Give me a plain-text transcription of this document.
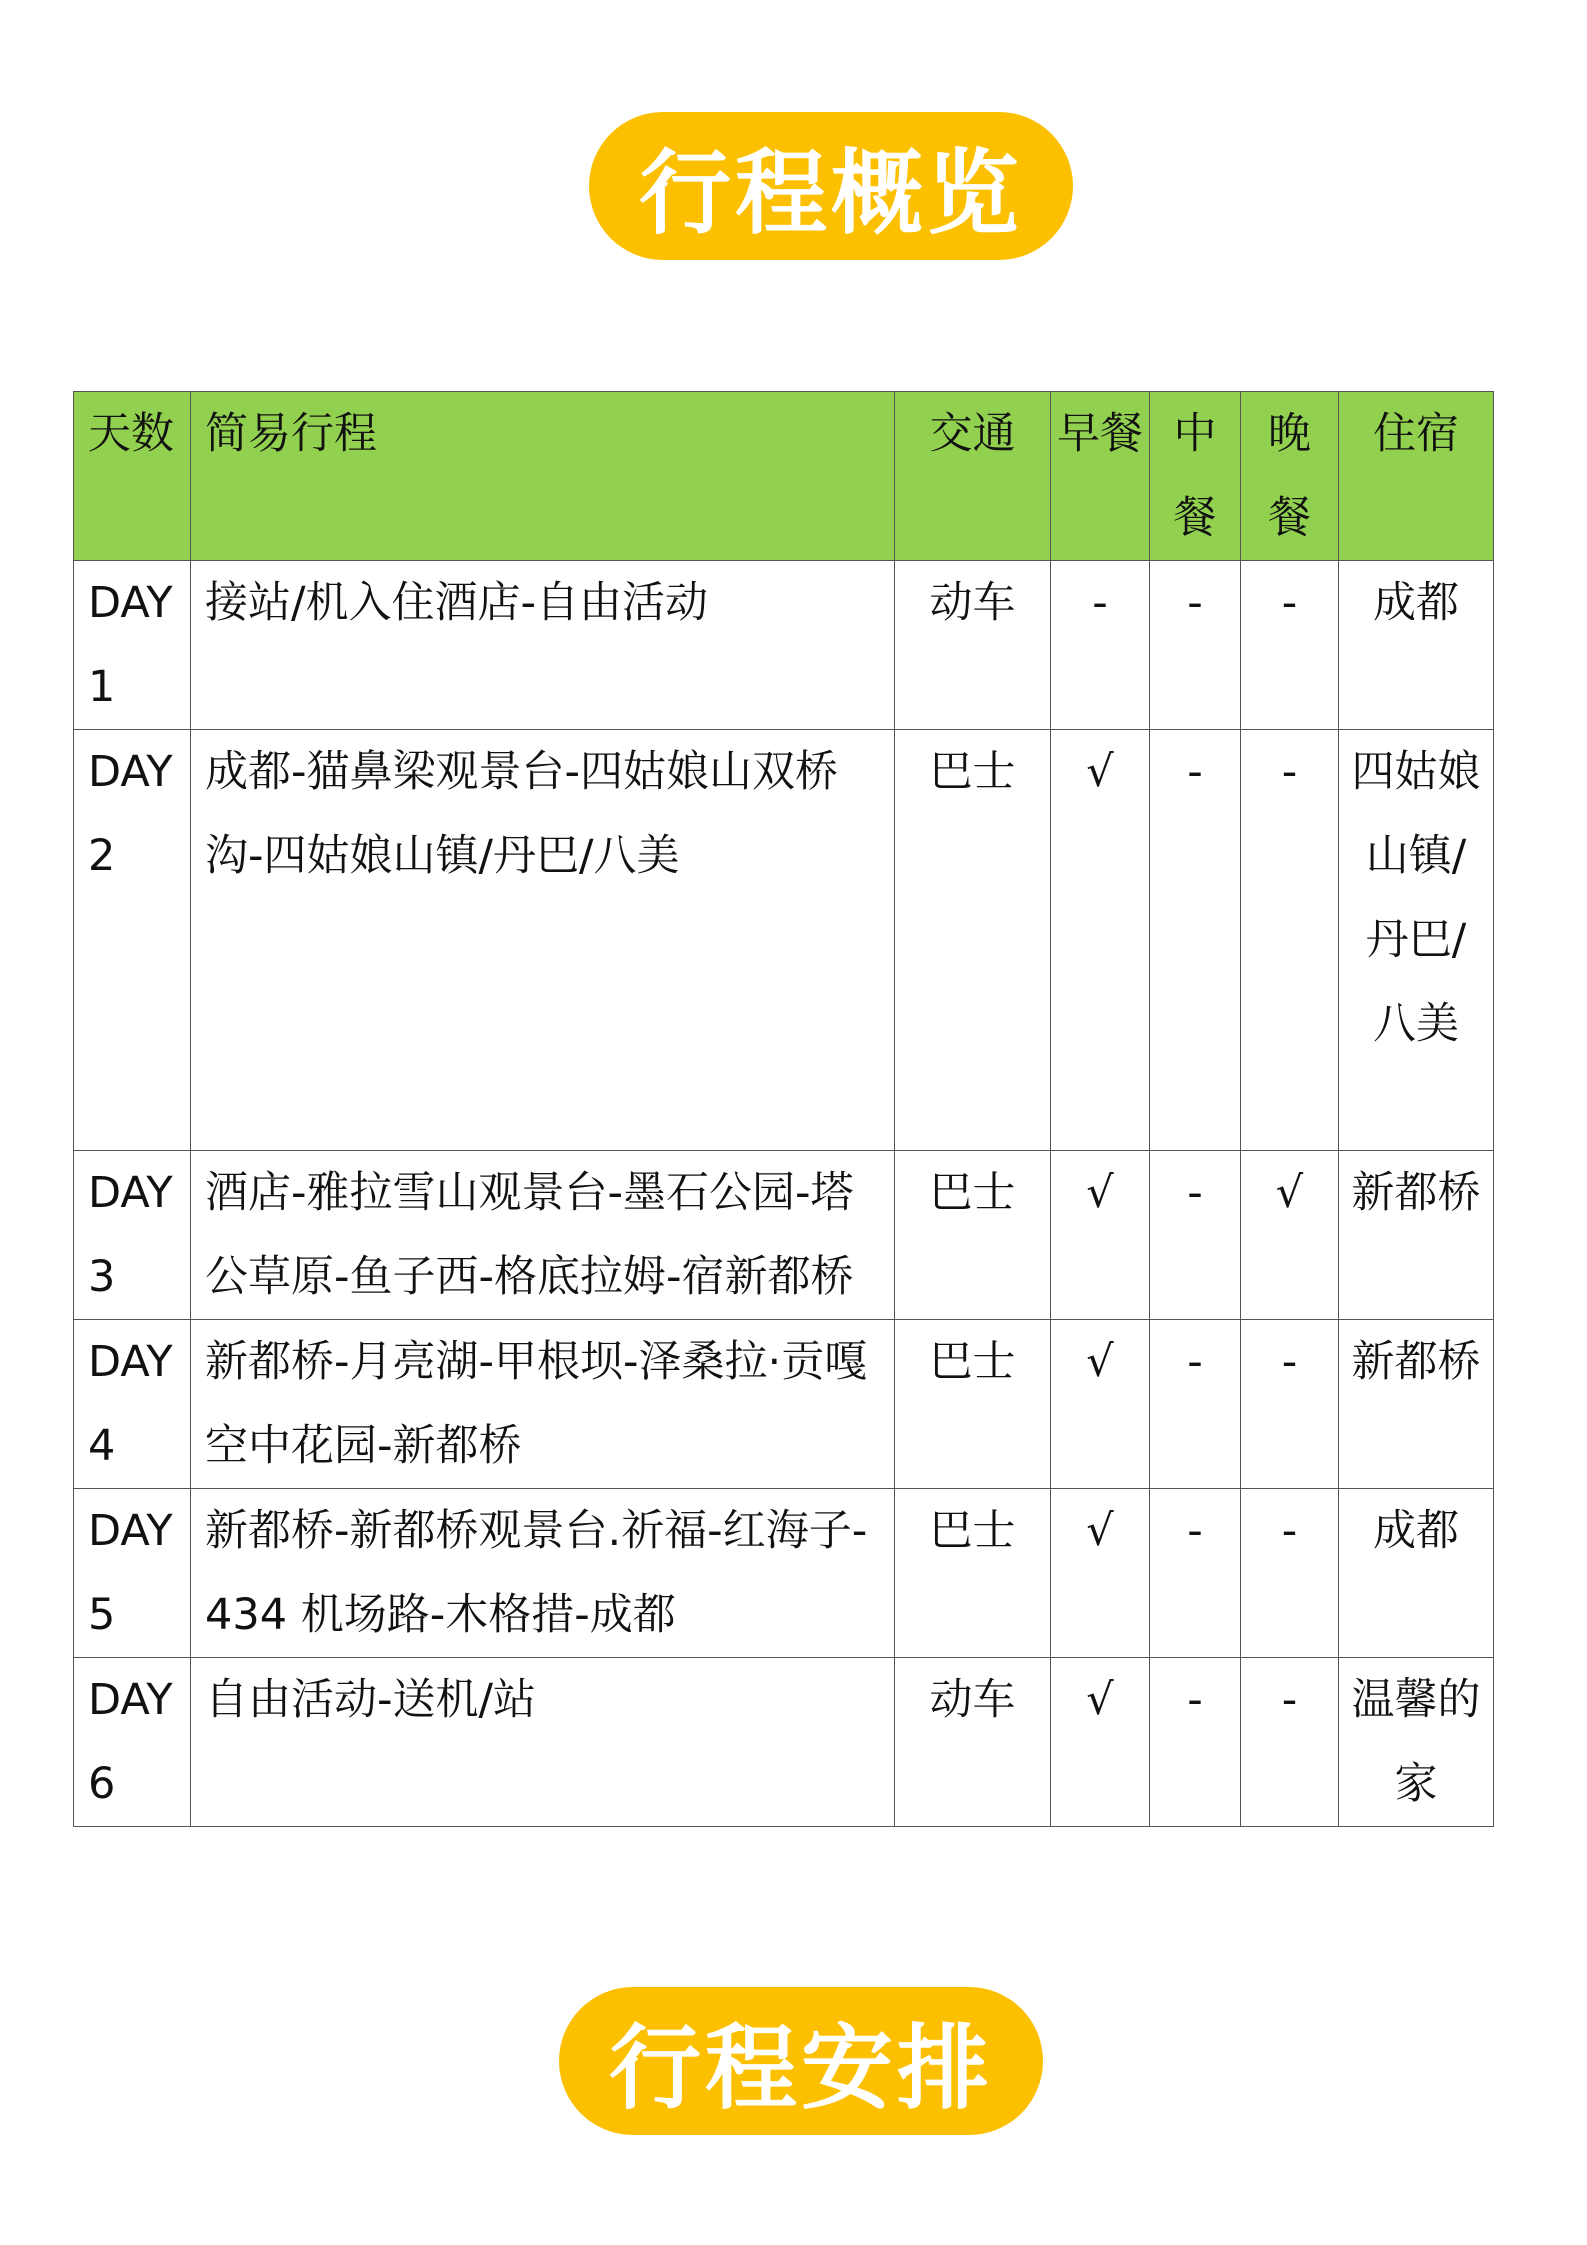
行程概览
天数	简易行程	交通	早餐	中餐	晚餐	住宿
DAY1	接站/机入住酒店-自由活动	动车	-	-	-	成都
DAY2	成都-猫鼻梁观景台-四姑娘山双桥沟-四姑娘山镇/丹巴/八美	巴士	√	-	-	四姑娘山镇/丹巴/八美
DAY3	酒店-雅拉雪山观景台-墨石公园-塔公草原-鱼子西-格底拉姆-宿新都桥	巴士	√	-	√	新都桥
DAY4	新都桥-月亮湖-甲根坝-泽桑拉·贡嘎空中花园-新都桥	巴士	√	-	-	新都桥
DAY5	新都桥-新都桥观景台.祈福-红海子-434 机场路-木格措-成都	巴士	√	-	-	成都
DAY6	自由活动-送机/站	动车	√	-	-	温馨的家
行程安排
